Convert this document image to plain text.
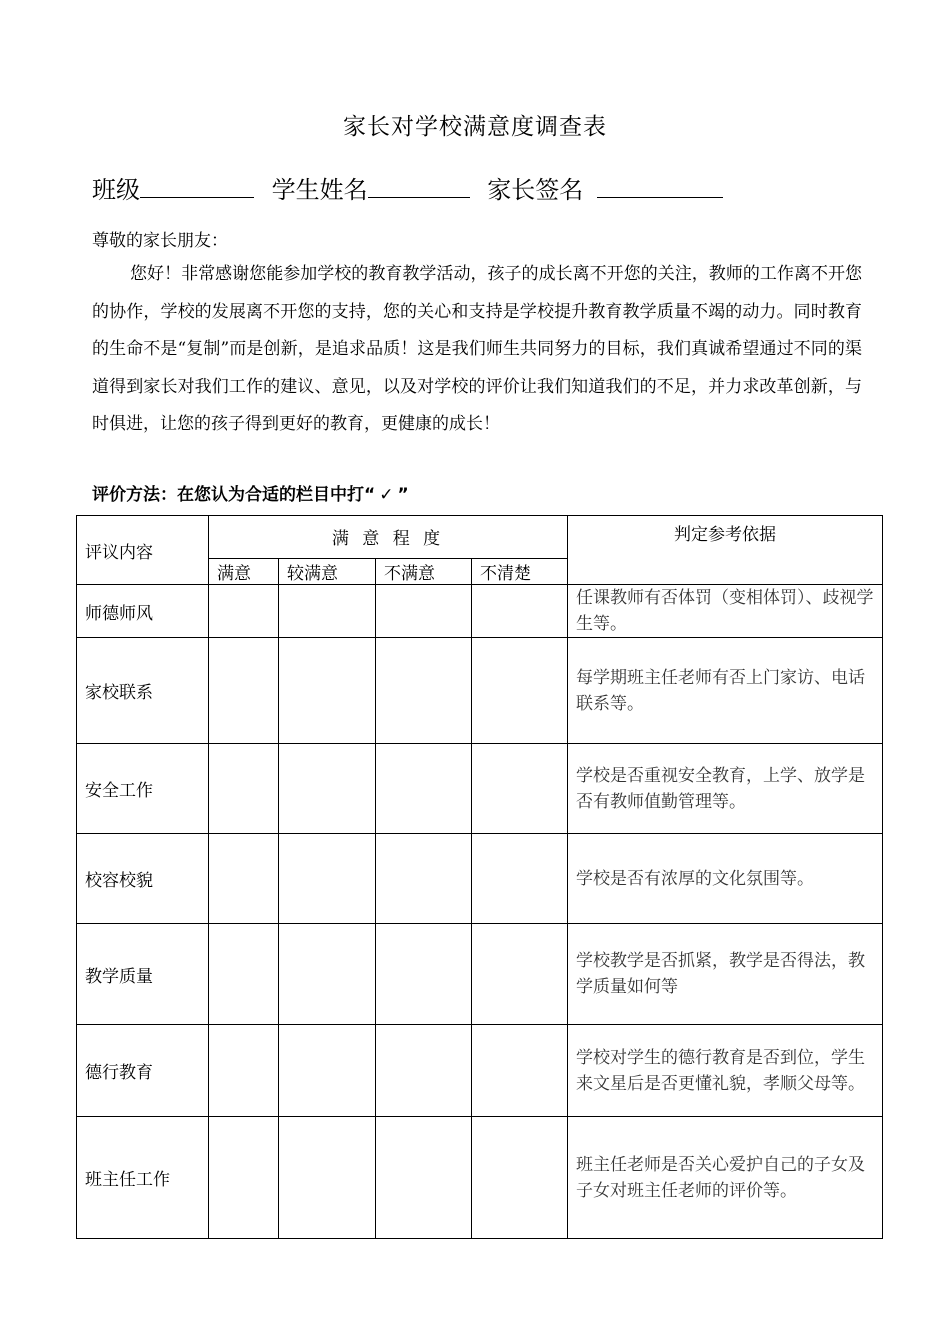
家长对学校满意度调查表
班级	学生姓名	家长签名
尊敬的家长朋友：
您好！非常感谢您能参加学校的教育教学活动，孩子的成长离不开您的关注，教师的工作离不开您的协作，学校的发展离不开您的支持，您的关心和支持是学校提升教育教学质量不竭的动力。同时教育的生命不是“复制”而是创新，是追求品质！这是我们师生共同努力的目标，我们真诚希望通过不同的渠道得到家长对我们工作的建议、意见，以及对学校的评价让我们知道我们的不足，并力求改革创新，与时俱进，让您的孩子得到更好的教育，更健康的成长！
评价方法：在您认为合适的栏目中打“ ✓ ”
评议内容	满 意 程 度				判定参考依据
	满意	较满意	不满意	不清楚	
师德师风					任课教师有否体罚（变相体罚）、歧视学生等。
家校联系					每学期班主任老师有否上门家访、电话联系等。
安全工作					学校是否重视安全教育，上学、放学是否有教师值勤管理等。
校容校貌					学校是否有浓厚的文化氛围等。
教学质量					学校教学是否抓紧，教学是否得法，教学质量如何等
德行教育					学校对学生的德行教育是否到位，学生来文星后是否更懂礼貌，孝顺父母等。
班主任工作					班主任老师是否关心爱护自己的子女及子女对班主任老师的评价等。
